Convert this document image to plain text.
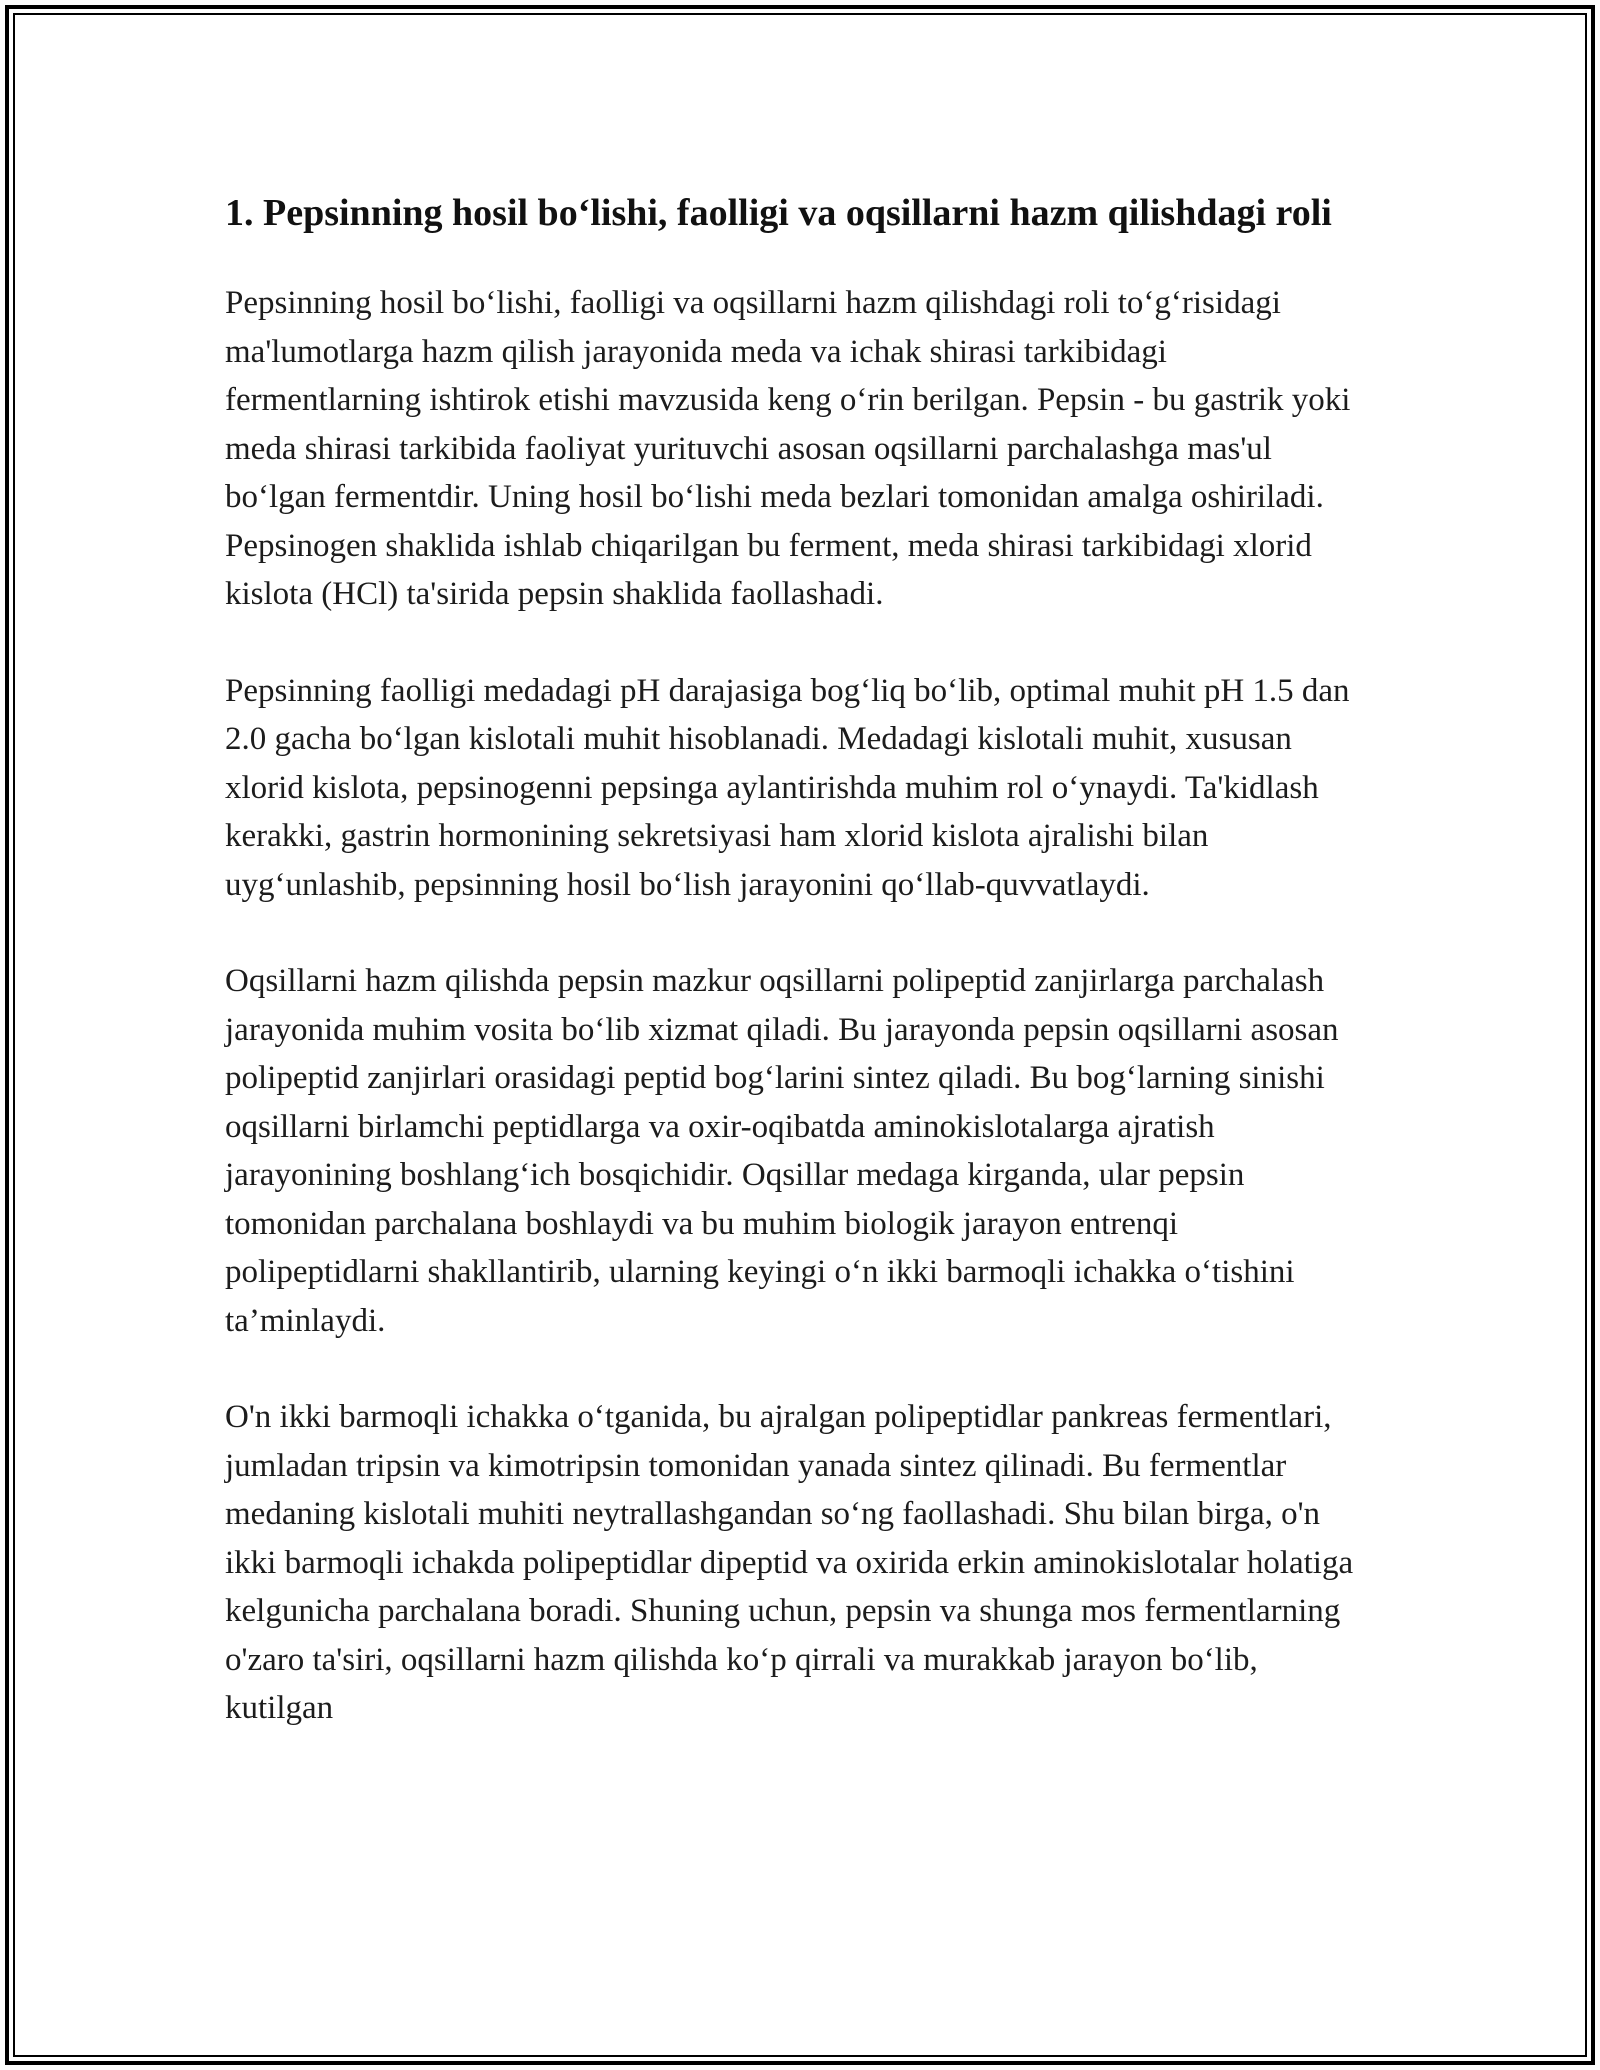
1. Pepsinning hosil bo‘lishi, faolligi va oqsillarni hazm qilishdagi roli

Pepsinning hosil bo‘lishi, faolligi va oqsillarni hazm qilishdagi roli to‘g‘risidagi ma'lumotlarga hazm qilish jarayonida meda va ichak shirasi tarkibidagi fermentlarning ishtirok etishi mavzusida keng o‘rin berilgan. Pepsin - bu gastrik yoki meda shirasi tarkibida faoliyat yurituvchi asosan oqsillarni parchalashga mas'ul bo‘lgan fermentdir. Uning hosil bo‘lishi meda bezlari tomonidan amalga oshiriladi. Pepsinogen shaklida ishlab chiqarilgan bu ferment, meda shirasi tarkibidagi xlorid kislota (HCl) ta'sirida pepsin shaklida faollashadi.

Pepsinning faolligi medadagi pH darajasiga bog‘liq bo‘lib, optimal muhit pH 1.5 dan 2.0 gacha bo‘lgan kislotali muhit hisoblanadi. Medadagi kislotali muhit, xususan xlorid kislota, pepsinogenni pepsinga aylantirishda muhim rol o‘ynaydi. Ta'kidlash kerakki, gastrin hormonining sekretsiyasi ham xlorid kislota ajralishi bilan uyg‘unlashib, pepsinning hosil bo‘lish jarayonini qo‘llab-quvvatlaydi.

Oqsillarni hazm qilishda pepsin mazkur oqsillarni polipeptid zanjirlarga parchalash jarayonida muhim vosita bo‘lib xizmat qiladi. Bu jarayonda pepsin oqsillarni asosan polipeptid zanjirlari orasidagi peptid bog‘larini sintez qiladi. Bu bog‘larning sinishi oqsillarni birlamchi peptidlarga va oxir-oqibatda aminokislotalarga ajratish jarayonining boshlang‘ich bosqichidir. Oqsillar medaga kirganda, ular pepsin tomonidan parchalana boshlaydi va bu muhim biologik jarayon entrenqi polipeptidlarni shakllantirib, ularning keyingi o‘n ikki barmoqli ichakka o‘tishini ta’minlaydi.

O'n ikki barmoqli ichakka o‘tganida, bu ajralgan polipeptidlar pankreas fermentlari, jumladan tripsin va kimotripsin tomonidan yanada sintez qilinadi. Bu fermentlar medaning kislotali muhiti neytrallashgandan so‘ng faollashadi. Shu bilan birga, o'n ikki barmoqli ichakda polipeptidlar dipeptid va oxirida erkin aminokislotalar holatiga kelgunicha parchalana boradi. Shuning uchun, pepsin va shunga mos fermentlarning o'zaro ta'siri, oqsillarni hazm qilishda ko‘p qirrali va murakkab jarayon bo‘lib, kutilgan
